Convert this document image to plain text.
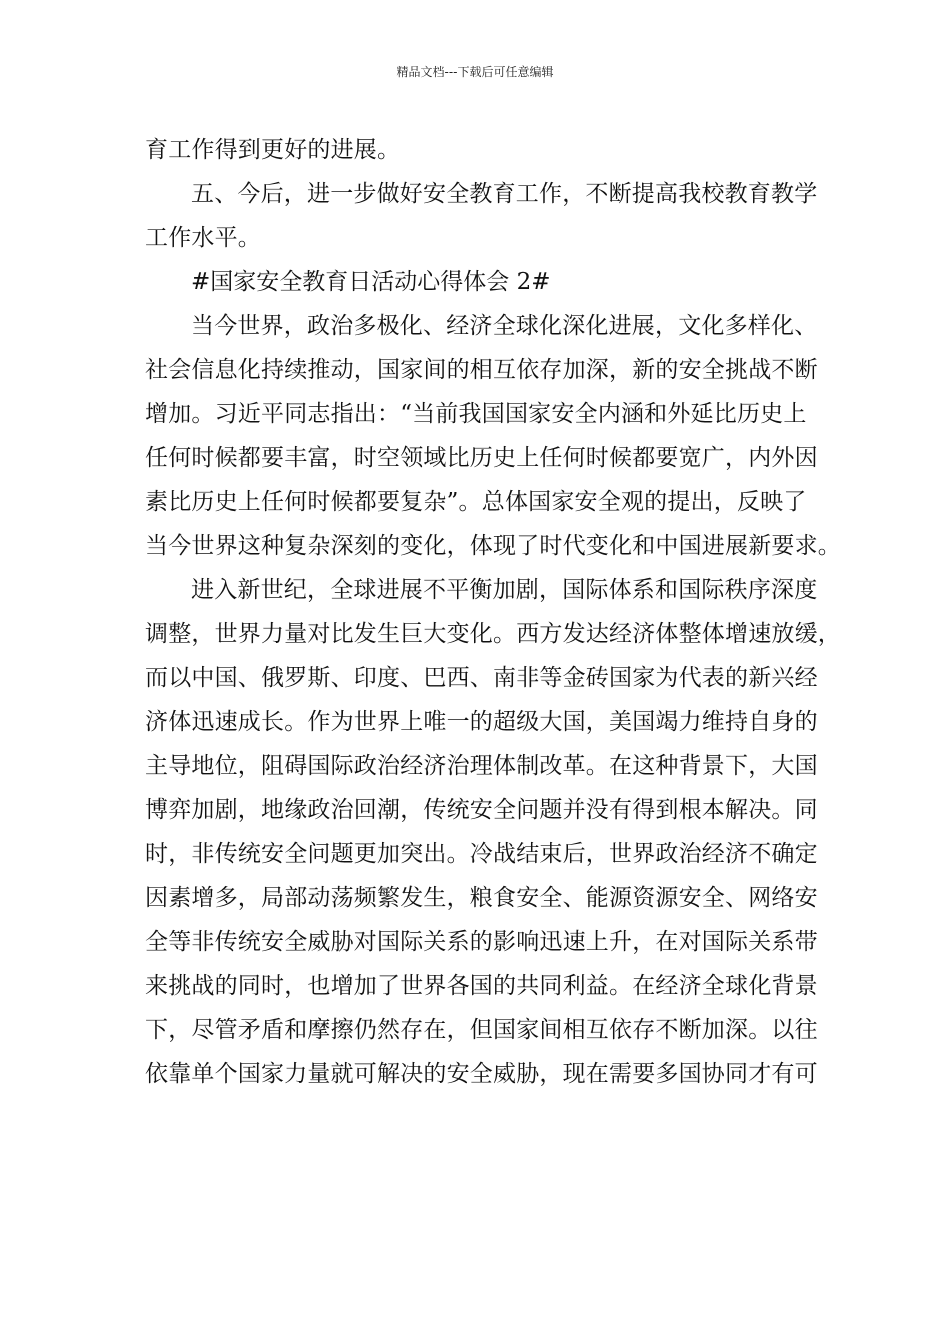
精品文档---下载后可任意编辑
育工作得到更好的进展。
五、今后，进一步做好安全教育工作，不断提高我校教育教学
工作水平。
#国家安全教育日活动心得体会 2#
当今世界，政治多极化、经济全球化深化进展，文化多样化、
社会信息化持续推动，国家间的相互依存加深，新的安全挑战不断
增加。习近平同志指出：“当前我国国家安全内涵和外延比历史上
任何时候都要丰富，时空领域比历史上任何时候都要宽广，内外因
素比历史上任何时候都要复杂”。总体国家安全观的提出，反映了
当今世界这种复杂深刻的变化，体现了时代变化和中国进展新要求。
进入新世纪，全球进展不平衡加剧，国际体系和国际秩序深度
调整，世界力量对比发生巨大变化。西方发达经济体整体增速放缓，
而以中国、俄罗斯、印度、巴西、南非等金砖国家为代表的新兴经
济体迅速成长。作为世界上唯一的超级大国，美国竭力维持自身的
主导地位，阻碍国际政治经济治理体制改革。在这种背景下，大国
博弈加剧，地缘政治回潮，传统安全问题并没有得到根本解决。同
时，非传统安全问题更加突出。冷战结束后，世界政治经济不确定
因素增多，局部动荡频繁发生，粮食安全、能源资源安全、网络安
全等非传统安全威胁对国际关系的影响迅速上升，在对国际关系带
来挑战的同时，也增加了世界各国的共同利益。在经济全球化背景
下，尽管矛盾和摩擦仍然存在，但国家间相互依存不断加深。以往
依靠单个国家力量就可解决的安全威胁，现在需要多国协同才有可
